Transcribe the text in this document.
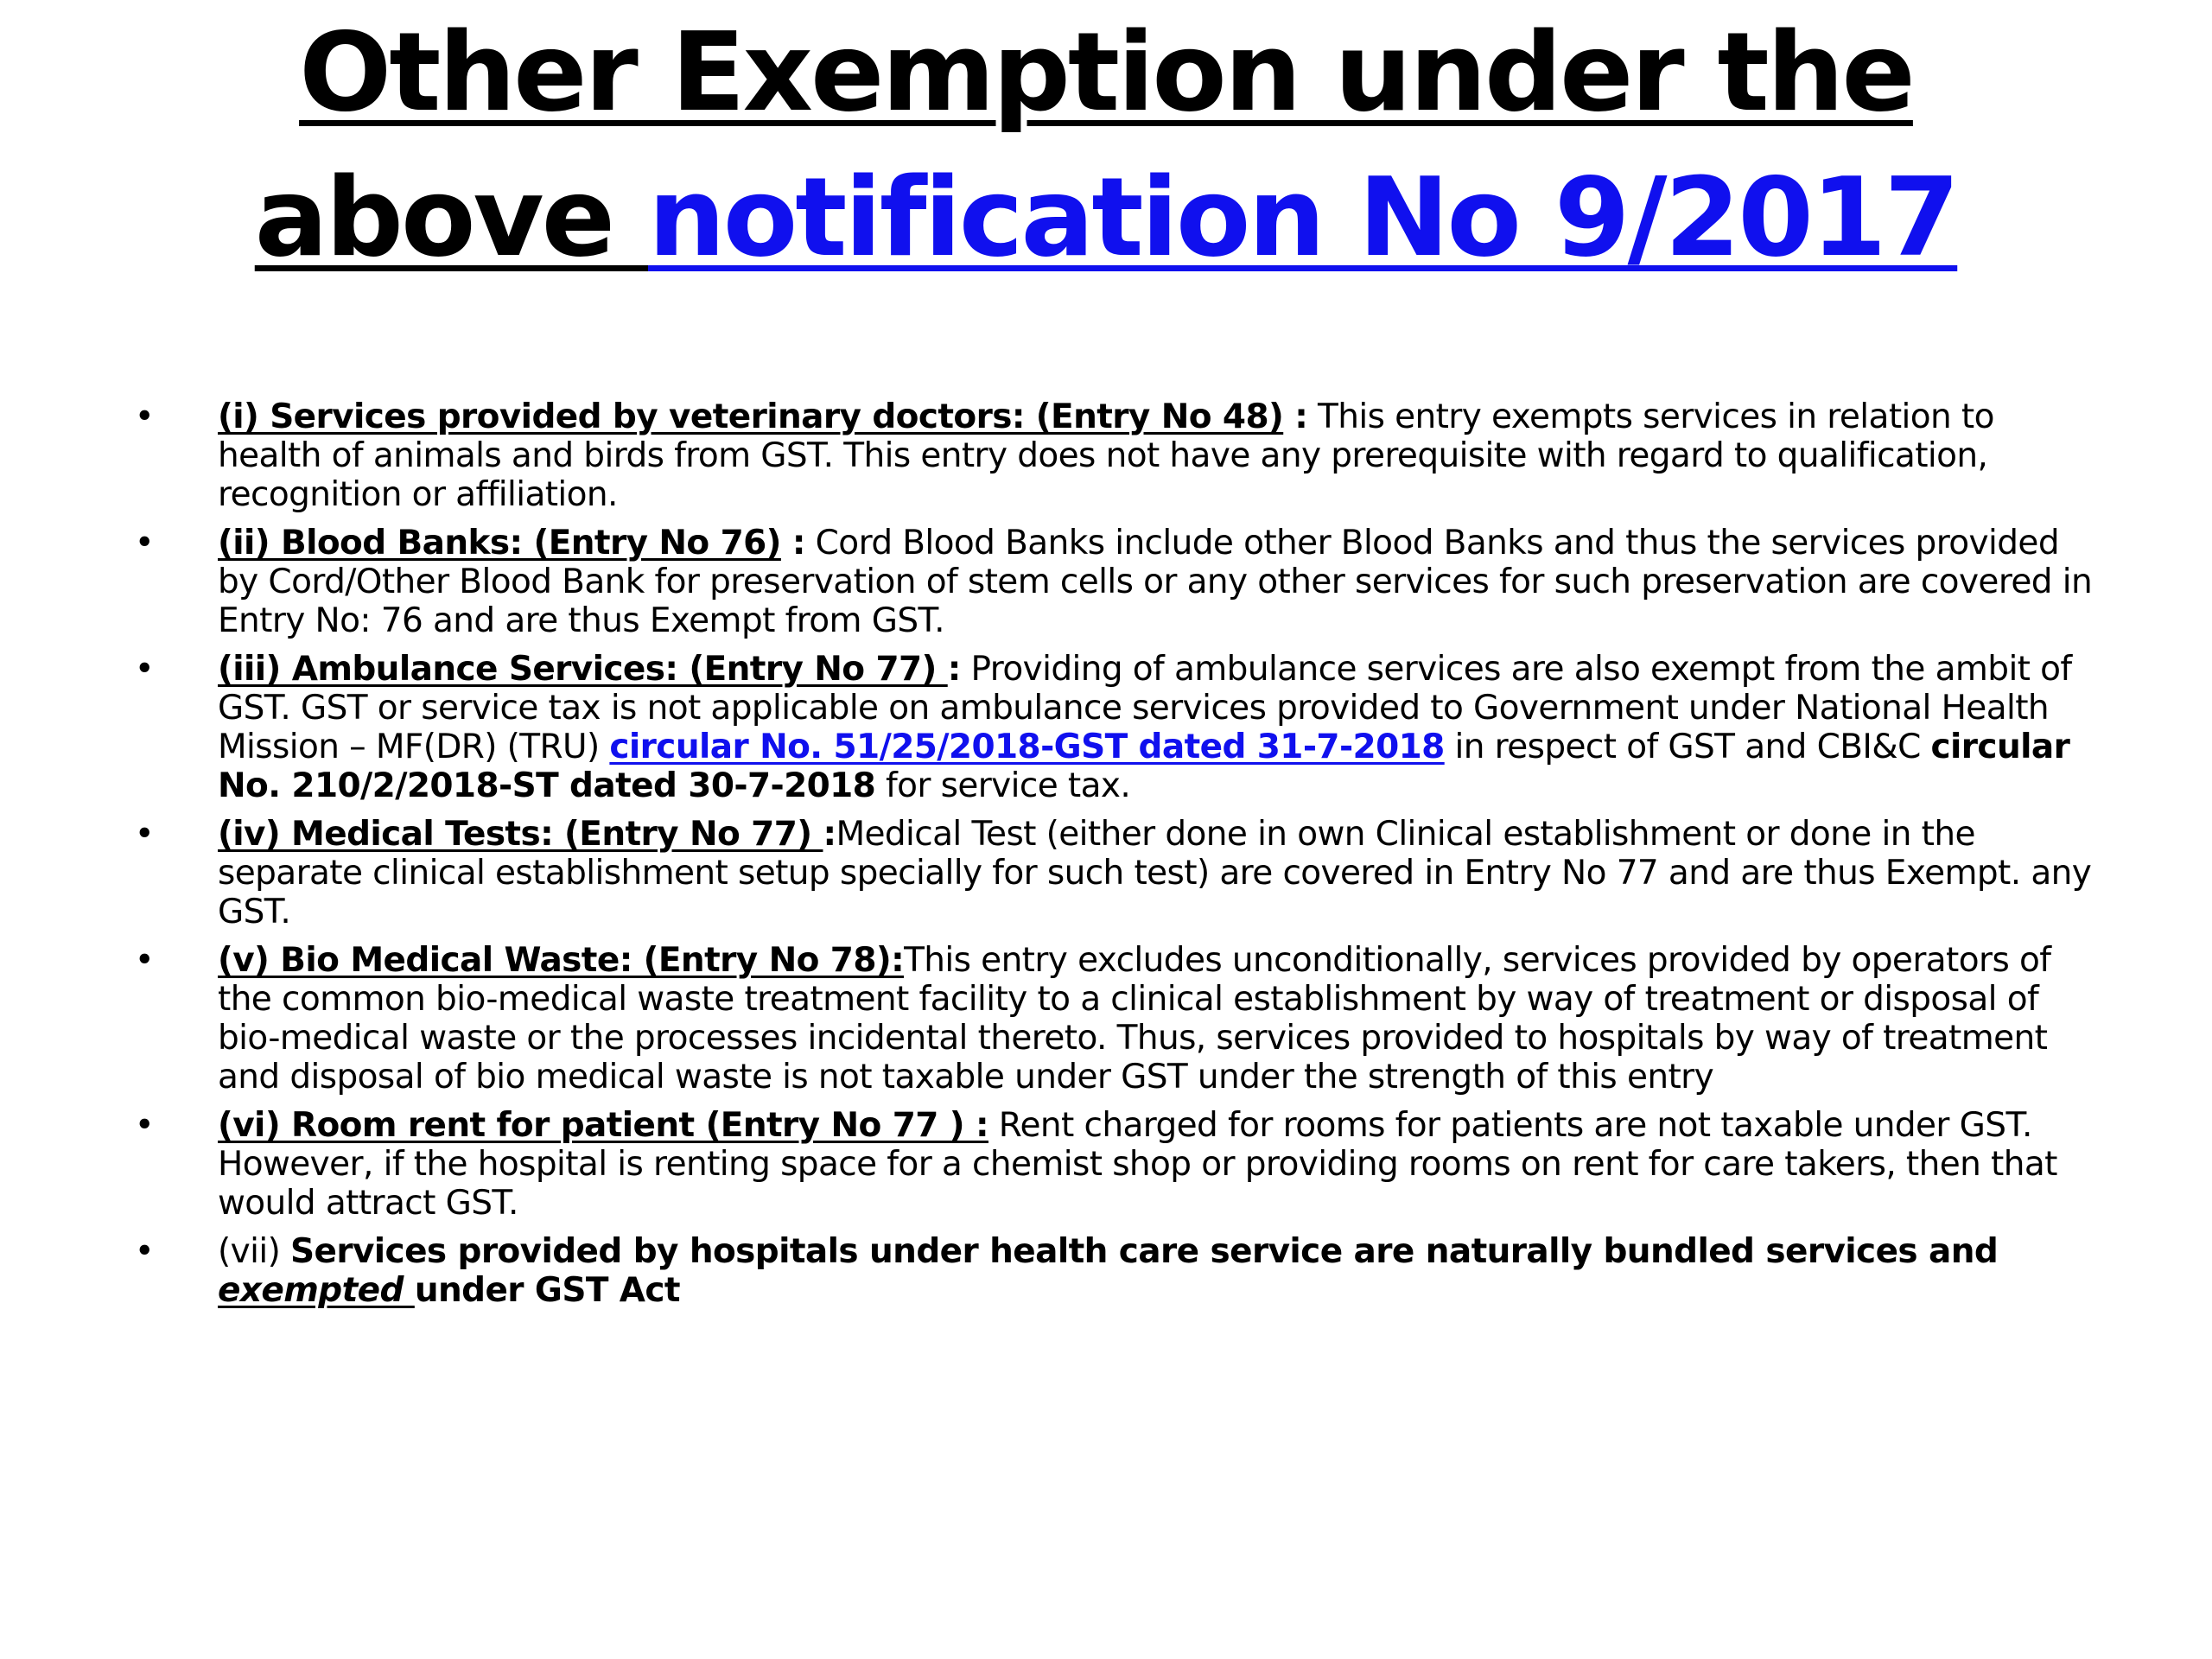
Other Exemption under the
above notification No 9/2017
• (i) Services provided by veterinary doctors: (Entry No 48) : This entry exempts services in relation to health of animals and birds from GST. This entry does not have any prerequisite with regard to qualification, recognition or affiliation.
• (ii) Blood Banks: (Entry No 76) : Cord Blood Banks include other Blood Banks and thus the services provided by Cord/Other Blood Bank for preservation of stem cells or any other services for such preservation are covered in Entry No: 76 and are thus Exempt from GST.
• (iii) Ambulance Services: (Entry No 77) : Providing of ambulance services are also exempt from the ambit of GST. GST or service tax is not applicable on ambulance services provided to Government under National Health Mission – MF(DR) (TRU) circular No. 51/25/2018-GST dated 31-7-2018 in respect of GST and CBI&C circular No. 210/2/2018-ST dated 30-7-2018 for service tax.
• (iv) Medical Tests: (Entry No 77) :Medical Test (either done in own Clinical establishment or done in the separate clinical establishment setup specially for such test) are covered in Entry No 77 and are thus Exempt. any GST.
• (v) Bio Medical Waste: (Entry No 78):This entry excludes unconditionally, services provided by operators of the common bio-medical waste treatment facility to a clinical establishment by way of treatment or disposal of bio-medical waste or the processes incidental thereto. Thus, services provided to hospitals by way of treatment and disposal of bio medical waste is not taxable under GST under the strength of this entry
• (vi) Room rent for patient (Entry No 77 ) : Rent charged for rooms for patients are not taxable under GST. However, if the hospital is renting space for a chemist shop or providing rooms on rent for care takers, then that would attract GST.
• (vii) Services provided by hospitals under health care service are naturally bundled services and exempted under GST Act
